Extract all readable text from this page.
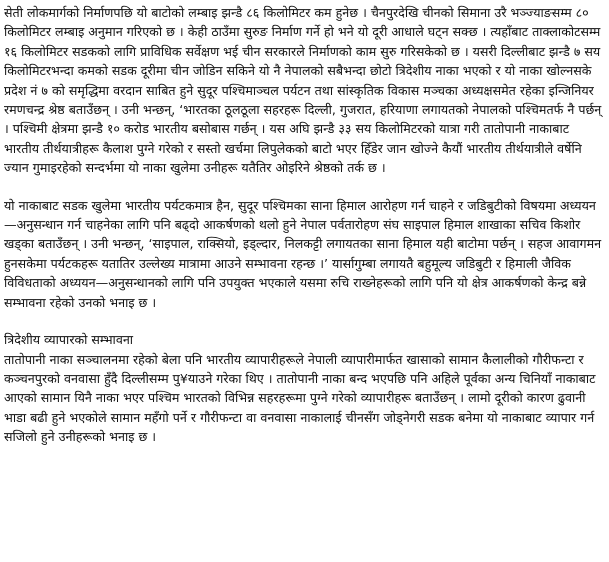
सेती लोकमार्गको निर्माणपछि यो बाटोको लम्बाइ झन्डै ८६ किलोमिटर कम हुनेछ । चैनपुरदेखि चीनको सिमाना उरै भञ्ज्याङसम्म ८० किलोमिटर लम्बाइ अनुमान गरिएको छ । केही ठाउँमा सुरुङ निर्माण गर्ने हो भने यो दूरी आधाले घट्न सक्छ । त्यहाँबाट ताक्लाकोटसम्म १६ किलोमिटर सडकको लागि प्राविधिक सर्वेक्षण भई चीन सरकारले निर्माणको काम सुरु गरिसकेको छ । यसरी दिल्लीबाट झन्डै ७ सय किलोमिटरभन्दा कमको सडक दूरीमा चीन जोडिन सकिने यो नै नेपालको सबैभन्दा छोटो त्रिदेशीय नाका भएको र यो नाका खोल्नसके प्रदेश नं ७ को समृद्धिमा वरदान साबित हुने सुदूर पश्चिमाञ्चल पर्यटन तथा सांस्कृतिक विकास मञ्चका अध्यक्षसमेत रहेका इन्जिनियर रमणचन्द्र श्रेष्ठ बताउँछन् । उनी भन्छन्, ‘भारतका ठूलठूला सहरहरू दिल्ली, गुजरात, हरियाणा लगायतको नेपालको पश्चिमतर्फ नै पर्छन् । पश्चिमी क्षेत्रमा झन्डै १० करोड भारतीय बसोबास गर्छन् । यस अघि झन्डै ३३ सय किलोमिटरको यात्रा गरी तातोपानी नाकाबाट भारतीय तीर्थयात्रीहरू कैलाश पुग्ने गरेको र सस्तो खर्चमा लिपुलेकको बाटो भएर हिँडेर जान खोज्ने कैयौं भारतीय तीर्थयात्रीले वर्षेनि ज्यान गुमाइरहेको सन्दर्भमा यो नाका खुलेमा उनीहरू यतैतिर ओइरिने श्रेष्ठको तर्क छ ।

यो नाकाबाट सडक खुलेमा भारतीय पर्यटकमात्र हैन, सुदूर पश्चिमका साना हिमाल आरोहण गर्न चाहने र जडिबुटीको विषयमा अध्ययन—अनुसन्धान गर्न चाहनेका लागि पनि बढ्दो आकर्षणको थलो हुने नेपाल पर्वतारोहण संघ साइपाल हिमाल शाखाका सचिव किशोर खड्का बताउँछन् । उनी भन्छन्, ‘साइपाल, राक्सियो, इड्ल्दार, निलकट्टी लगायतका साना हिमाल यही बाटोमा पर्छन् । सहज आवागमन हुनसकेमा पर्यटकहरू यतातिर उल्लेख्य मात्रामा आउने सम्भावना रहन्छ ।’ यार्सागुम्बा लगायतै बहुमूल्य जडिबुटी र हिमाली जैविक विविधताको अध्ययन—अनुसन्धानको लागि पनि उपयुक्त भएकाले यसमा रुचि राख्नेहरूको लागि पनि यो क्षेत्र आकर्षणको केन्द्र बन्ने सम्भावना रहेको उनको भनाइ छ ।

त्रिदेशीय व्यापारको सम्भावना

तातोपानी नाका सञ्चालनमा रहेको बेला पनि भारतीय व्यापारीहरूले नेपाली व्यापारीमार्फत खासाको सामान कैलालीको गौरीफन्टा र कञ्चनपुरको वनवासा हुँदै दिल्लीसम्म पु¥याउने गरेका थिए । तातोपानी नाका बन्द भएपछि पनि अहिले पूर्वका अन्य चिनियाँ नाकाबाट आएको सामान यिनै नाका भएर पश्चिम भारतको विभिन्न सहरहरूमा पुग्ने गरेको व्यापारीहरू बताउँछन् । लामो दूरीको कारण ढुवानी भाडा बढी हुने भएकोले सामान महँगो पर्ने र गौरीफन्टा वा वनवासा नाकालाई चीनसँग जोड्नेगरी सडक बनेमा यो नाकाबाट व्यापार गर्न सजिलो हुने उनीहरूको भनाइ छ ।
